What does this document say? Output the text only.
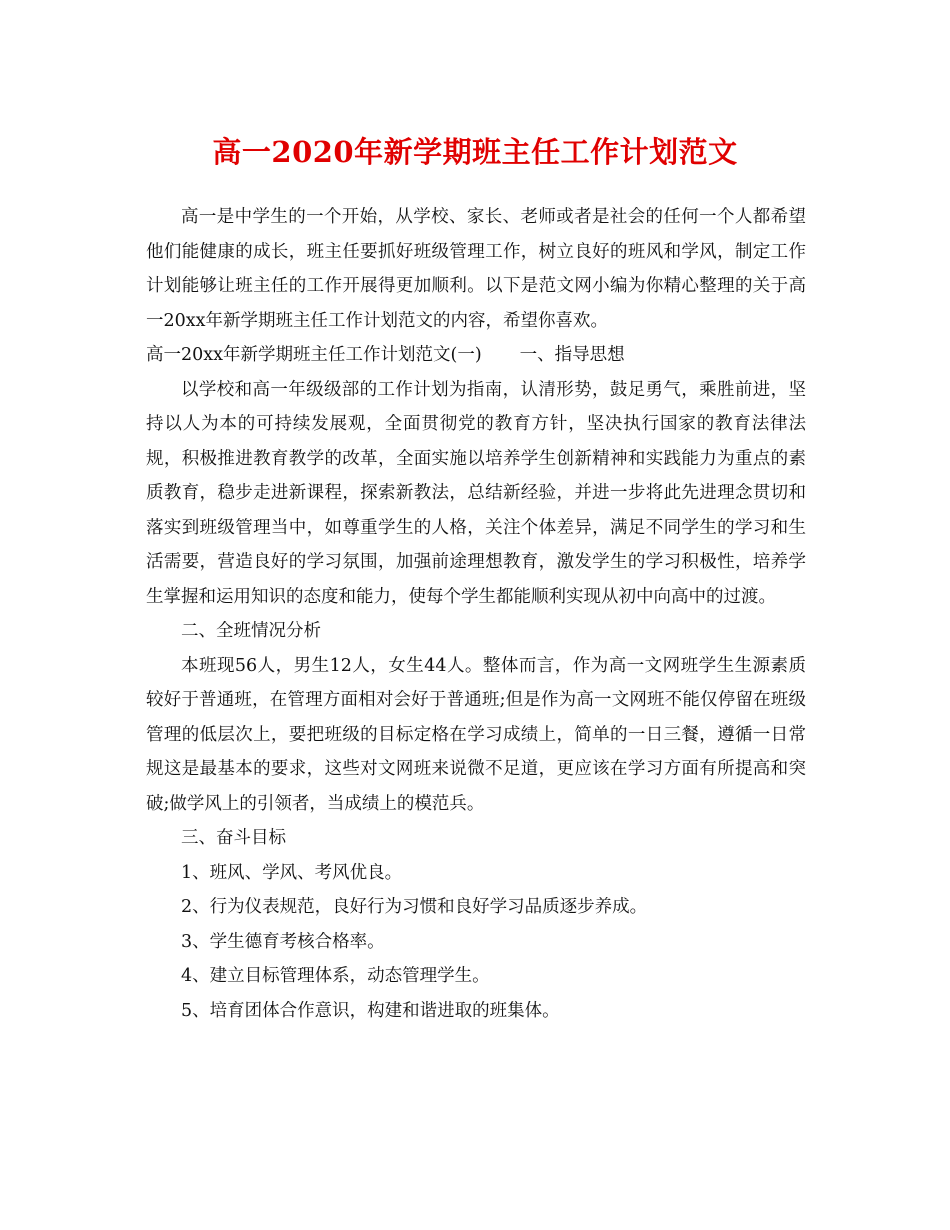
高一2020年新学期班主任工作计划范文

高一是中学生的一个开始，从学校、家长、老师或者是社会的任何一个人都希望他们能健康的成长，班主任要抓好班级管理工作，树立良好的班风和学风，制定工作计划能够让班主任的工作开展得更加顺利。以下是范文网小编为你精心整理的关于高一20xx年新学期班主任工作计划范文的内容，希望你喜欢。

高一20xx年新学期班主任工作计划范文(一) 一、指导思想

以学校和高一年级级部的工作计划为指南，认清形势，鼓足勇气，乘胜前进，坚持以人为本的可持续发展观，全面贯彻党的教育方针，坚决执行国家的教育法律法规，积极推进教育教学的改革，全面实施以培养学生创新精神和实践能力为重点的素质教育，稳步走进新课程，探索新教法，总结新经验，并进一步将此先进理念贯切和落实到班级管理当中，如尊重学生的人格，关注个体差异，满足不同学生的学习和生活需要，营造良好的学习氛围，加强前途理想教育，激发学生的学习积极性，培养学生掌握和运用知识的态度和能力，使每个学生都能顺利实现从初中向高中的过渡。

二、全班情况分析

本班现56人，男生12人，女生44人。整体而言，作为高一文网班学生生源素质较好于普通班，在管理方面相对会好于普通班;但是作为高一文网班不能仅停留在班级管理的低层次上，要把班级的目标定格在学习成绩上，简单的一日三餐，遵循一日常规这是最基本的要求，这些对文网班来说微不足道，更应该在学习方面有所提高和突破;做学风上的引领者，当成绩上的模范兵。

三、奋斗目标

1、班风、学风、考风优良。

2、行为仪表规范，良好行为习惯和良好学习品质逐步养成。

3、学生德育考核合格率。

4、建立目标管理体系，动态管理学生。

5、培育团体合作意识，构建和谐进取的班集体。
